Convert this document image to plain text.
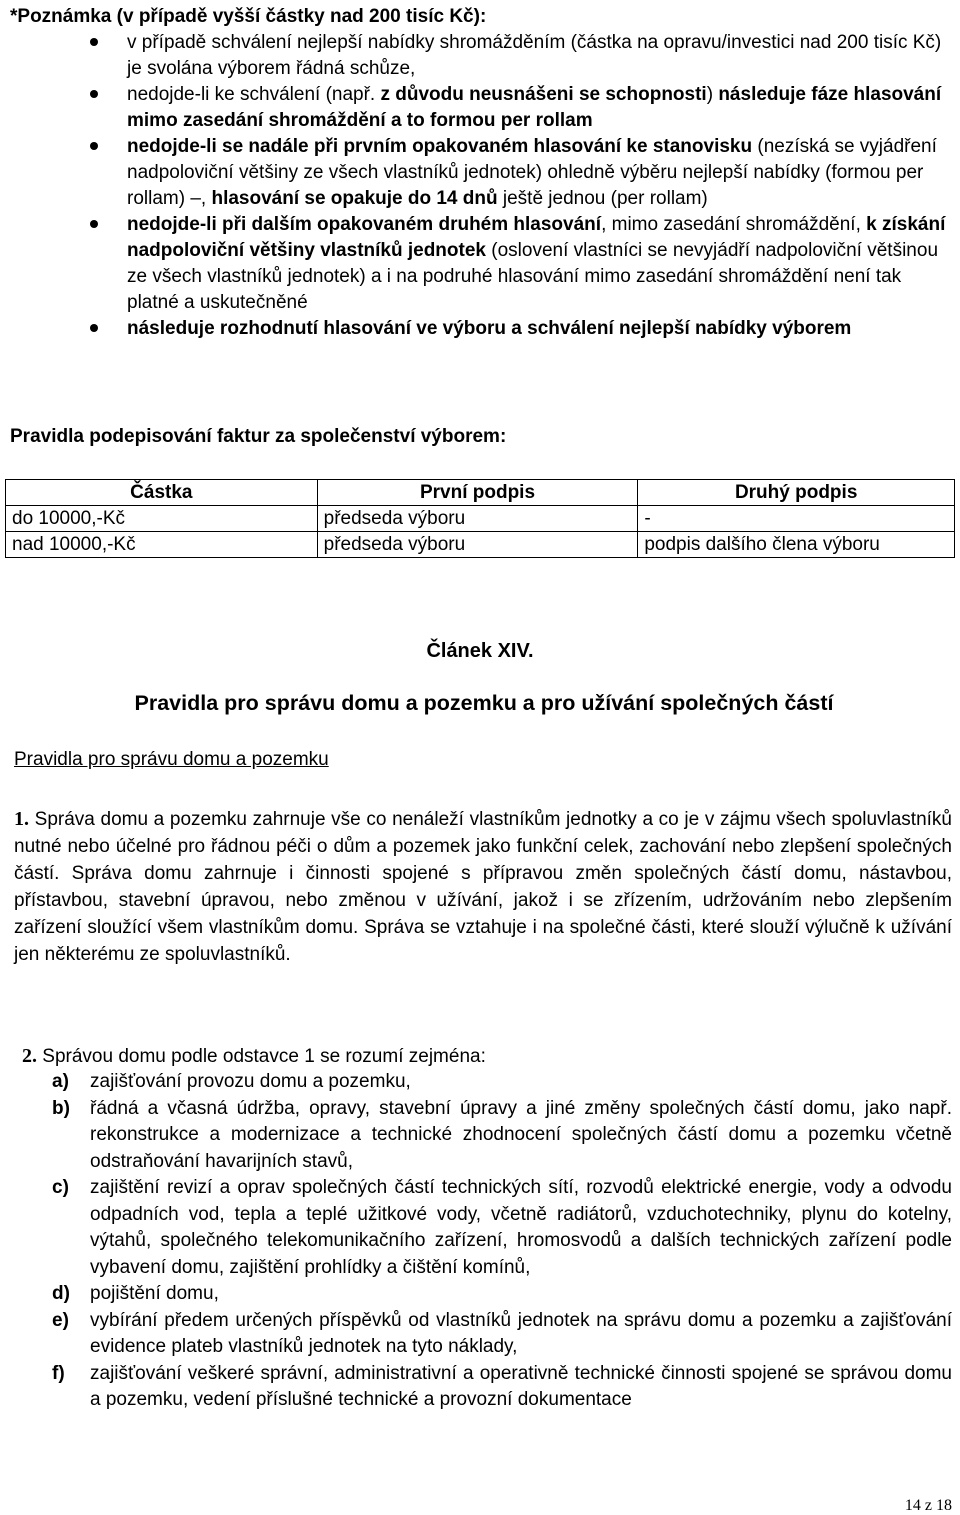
*Poznámka (v případě vyšší částky nad 200 tisíc Kč):
v případě schválení nejlepší nabídky shromážděním (částka na opravu/investici nad 200 tisíc Kč) je svolána výborem řádná schůze,
nedojde-li ke schválení (např. z důvodu neusnášeni se schopnosti) následuje fáze hlasování mimo zasedání shromáždění a to formou per rollam
nedojde-li se nadále při prvním opakovaném hlasování ke stanovisku (nezíská se vyjádření nadpoloviční většiny ze všech vlastníků jednotek) ohledně výběru nejlepší nabídky (formou per rollam) –, hlasování se opakuje do 14 dnů ještě jednou (per rollam)
nedojde-li při dalším opakovaném druhém hlasování, mimo zasedání shromáždění, k získání nadpoloviční většiny vlastníků jednotek (oslovení vlastníci se nevyjádří nadpoloviční většinou ze všech vlastníků jednotek) a i na podruhé hlasování mimo zasedání shromáždění není tak platné a uskutečněné
následuje rozhodnutí hlasování ve výboru a schválení nejlepší nabídky výborem
Pravidla podepisování faktur za společenství výborem:
Částka	První podpis	Druhý podpis
do 10000,-Kč	předseda výboru	-
nad 10000,-Kč	předseda výboru	podpis dalšího člena výboru
Článek XIV.
Pravidla pro správu domu a pozemku a pro užívání společných částí
Pravidla pro správu domu a pozemku
1. Správa domu a pozemku zahrnuje vše co nenáleží vlastníkům jednotky a co je v zájmu všech spoluvlastníků nutné nebo účelné pro řádnou péči o dům a pozemek jako funkční celek, zachování nebo zlepšení společných částí. Správa domu zahrnuje i činnosti spojené s přípravou změn společných částí domu, nástavbou, přístavbou, stavební úpravou, nebo změnou v užívání, jakož i se zřízením, udržováním nebo zlepšením zařízení sloužící všem vlastníkům domu. Správa se vztahuje i na společné části, které slouží výlučně k užívání jen některému ze spoluvlastníků.
2. Správou domu podle odstavce 1 se rozumí zejména:
a) zajišťování provozu domu a pozemku,
b) řádná a včasná údržba, opravy, stavební úpravy a jiné změny společných částí domu, jako např. rekonstrukce a modernizace a technické zhodnocení společných částí domu a pozemku včetně odstraňování havarijních stavů,
c) zajištění revizí a oprav společných částí technických sítí, rozvodů elektrické energie, vody a odvodu odpadních vod, tepla a teplé užitkové vody, včetně radiátorů, vzduchotechniky, plynu do kotelny, výtahů, společného telekomunikačního zařízení, hromosvodů a dalších technických zařízení podle vybavení domu, zajištění prohlídky a čištění komínů,
d) pojištění domu,
e) vybírání předem určených příspěvků od vlastníků jednotek na správu domu a pozemku a zajišťování evidence plateb vlastníků jednotek na tyto náklady,
f) zajišťování veškeré správní, administrativní a operativně technické činnosti spojené se správou domu a pozemku, vedení příslušné technické a provozní dokumentace
14 z 18
